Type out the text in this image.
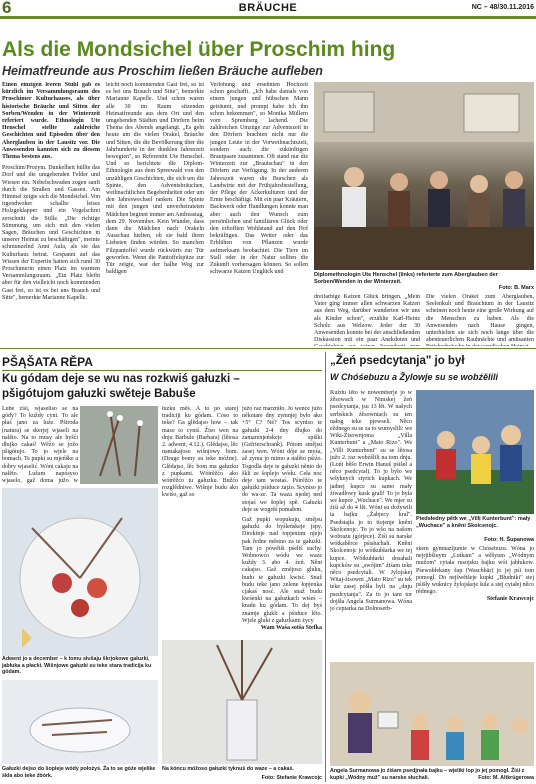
6	BRÄUCHE	NC – 48/30.11.2016
Als die Mondsichel über Proschim hing
Heimatfreunde aus Proschim ließen Bräuche aufleben

Einen einzigen leeren Stuhl gab es kürzlich im Versammlungsraum des Proschimer Kulturhauses, als über historische Bräuche und Sitten der Sorben/Wenden in der Winterzeit referiert wurde. Ethnologin Ute Henschel stellte zahlreiche Geschichten und Episoden über den Aberglauben in der Lausitz vor. Die Anwesenden kannten sich zu diesem Thema bestens aus.

Proschim/Prozym. Dunkelheit hüllte das Dorf und die umgebenden Felder und Wiesen ein. Nebelschwaden zogen sanft durch die Straßen und Gassen. Am Himmel zeigte sich die Mondsichel. Von irgendwoher schallte leises Holzgeklapper und ein Vogelschrei zerschnitt die Stille. „Die richtige Stimmung, um sich mit den vielen Sagen, Bräuchen und Geschichten in unserer Heimat zu beschäftigen", meinte schmunzelnd Anni Aula, als sie das Kulturhaus betrat. Gespannt auf das Wissen der Expertin hatten sich rund 30 Proschimerin einen Platz im warmen Versammlungsraum. „Ein Platz bleibt aber für den vielleicht noch kommenden Gast frei, so ist es bei uns Brauch und Sitte", bemerkte Marianne Kapelle.

leicht noch kommenden Gast frei, so ist es bei uns Brauch und Sitte", bemerkte Marianne Kapelle. Und schon waren alle 30 im Raum sitzenden Heimatfreunde aus dem Ort und den umgebenden Städten und Dörfern beim Thema des Abends angelangt. „Es geht heute um die vielen Orakel, Bräuche und Sitten, die die Bevölkerung über die Jahrhunderte in der dunklen Jahreszeit bewegten", so Referentin Ute Henschel. Und so berichtete die Diplom-Ethnologin aus dem Spreewald von den unzähligen Geschichten, die sich um die Spinte, den Adventsbräuchen, weihnachtlichen Begebenheiten oder um den Jahreswechsel ranken. Die Spinte mit den jungen und unverheirateten Mädchen beginnt immer am Andreastag, dem 29. November. Kein Wunder, dass dann die Mädchen nach Orakeln Ausschau hielten, ob sie bald ihren Liebsten finden würden. So manchen Filzpantoffel wurde rückwärts zur Tür geworfen. Wenn die Pantoffelspitze zur Tür zeigte, war der halbe Weg zur baldigen
Verlobung und ersehnten Hochzeit schon geschafft. „Ich habe damals von einem jungen und hübschen Mann geträumt, und prompt habe ich ihn schon bekommen", so Monika Müllern vom Spremberg lachend. Die zahlreichen Umzüge zur Adventszeit in den Dörfern brachten nicht nur die jungen Leute in der Vorweihnachtszeit, sondern auch die zukünftigen Brautpaare zusammen. Oft stand nur die Winterzeit zur „Brautschau" in den Dörfern zur Verfügung. In der anderen Jahreszeit waren die Burschen als Landwirte mit der Frühjahrsbestellung, der Pflege der Ackerkulturen und der Ernte beschäftigt. Mit ein paar Kräutern, Backwerk oder Handlungen konnte man aber auch den Wunsch zum persönlichen und familiären Glück oder den erhofften Wohlstand auf den Hof bekräftigen. Das Wetter oder das Erblühen von Pflanzen wurde aufmerksam beobachtet. Die Tiere im Stall oder in der Natur sollten die Zukunft vorhersagen können. So sollen schwarze Katzen Unglück und	Diplomethnologin Ute Henschel (links) referierte zum Aberglauben der Sorben/Wenden in der Winterzeit.
Foto: B. Marx
dreifarbige Katzen Glück bringen. „Mein Vater ging immer allen schwarzen Katzen aus dem Weg, darüber wunderten wir uns als Kinder schon", erzählte Karl-Heinz Scholz aus Welzow. Jeder der 30 Anwesenden konnte bei der anschließenden Diskussion mit ein paar Anekdoten und
Die vielen Orakel zum Aberglauben, Seelenkult und Brauchtum in der Lausitz scheinen noch heute eine große Wirkung auf die Menschen zu haben. Als die Anwesenden nach Hause gingen, unterhielten sie sich noch lange über die abenteuerlichen Rauhnächte und amüsanten
PŠĄŠATA RĚPA
Ku gódam deje se wu nas rozkwiś gałuzki –
pšigótujom gałuzki swěteje Babuše
Lube źiśi, wjaseliso se na gódy? To kuždy cyni. To ale płaś jano za luźe. Pširoda (natura) se skerjej wjaseli na nalěto. Na to musy ale hyšći dłujko cakaś! Wěźo se jožo pšigótujo. To jo wjele na bomach. Te pupki su mjeńške a dobry wjaselić. Wóni cakaju na nalěto. Lužam napósyso wjaselo, gaž doma južo w
łuzku měś. A to pó starej tradiciji ku gódam. Coso to teke? Ga glědajso how – tak maso to cyniś. Źiso wen na dnju Barbule (Barbara) (lětosa 2. adwent, 4.12.). Glědajso, lěc namakajoso wišnjowy bom. (Druge bomy su teke móžne). Glědajso, lěc bom ma gałuzku z pupkami. Wótrěžćo ako wótrěžćo tu gałuzku. Bužćo rozglědniwe. Wišnje budu ako kwiśo, gaž so
južo raz marzniło. Jo wence južo někotare dny zymnjej było ako +5° C? Né? Tos scyniso te gałuzki 2-4 dny dlujko do zamarznjeńskeje spiški (Gefrierschrank). Pótom smějsu zasej wen. Wóni dóje se myśa, až zymu jo mimo a nalěto pśiźo. Togodla deje te gałuzki něnto do škli ze šoplejo wódu. Ceła noc deje tam wostaś. Pśiréžćo te gałuzki pśiduce zajźo. Scyniso jo do wa-ze. Ta waza njedej ned stojaś we šoplej spě. Gałuzki deje se wogrěś pomałem.
Gaž pupki wopukuju, smějsu gałuzki do byśleńskeje jspy. Direktnje nad topjeniim njejo pak ředne městno za te gałuzki. Tam jo pówětši pśeliš suchy. Wobnowćo wódu we waze kuždy 3. abo 4. źeń. Něnt cakajso. Gaž změjoso gluku, budu te gałuzki kwisć. Snaž budu teke jano zelene łopjenka cjakaś nosć. Ale snaž budu kwśenki na gałuzkach wiśeś – kradu ku gódam. To dej byś znamje glukli a pśiduce lěto. Wjele gluki z gałuzkami życy
Wam Waša sotša Stefka
Adwent jo a december – k tomu słušaju škrjokowe gałuzki, jabłuka a płacki. Wišnjowe gałuzki su teke stara tradicija ku gódam.
Gałuzki dejso do šopleje wódy położyś. Źa to se góźe wjelike śkla abo teke źbórk.
Na kóncu móžoso gałuzki tyknuś do waze – a cakaś.
Foto: Stefanie Krawcojc
„Žeń psedcytanja" jo był
W Chóśebuzu a Žylowje su se wobźělili
Kuždu lěto w nowemberje jo w źěsowach w Nimskej žeń psedcytanja, jsu 13 lět. W našych serbskich źěsowniach su ten nałog teke pjewseli. Něco eždnego su se za to wumyslili: we Wiki-Źisownjoma „Villa Kunterbunt" a „Mato Rizo". We „Villi Kunterbunt" su se lětosa južo 2. raz wobźělili na tom dnju. (Lońi běšo Erwin Hanuš pśišeł a něco psedcytał). To jo było we wšyknych styrich kupkach. We jadnej kupce su samo mały źiwadłowy kusk grali! To jo była we kupce „Wuchace". We mjer su źiśi až do 4 lět. Wóni su dožywili ta bajku „Žabjecy kral". Psedstajła jo to tiojenje kněni Skolcenojc. To jo wšo na našom wobrazu (górjece). Źiśi su narske wótkaběrce pśisłuchali. Kněni Skolcenojc jo wótkubłarka we tej kupce. Wótkubłarki dosahali kupcków su „swójim" źiśam teke něco psedcytali. W Jylojskej Witaj-źisowni „Mato Rizo" su tek teke zasej póšła byli na „dnju psedcytanja". Za to jo tam tor dojšła Angela Surmanowa. Wóna jo ceptarka na Dolnoserb-
Piedsłedny pětk we „Villi Kunterbunt": mały „Wuchace" a kněni Skolcenojc.
Foto: H. Šupanowa
skem gymnazijumie w Chóśebuzu. Wóna jo nejrjibšiuym „Lutkam" a wěšyum „Wódnym mužom" cytała rusojsku bajku wót jabłukow. Pśewobłekany šup (Waschbär) jo jej pśi tom pomogł. Do nejšwětšeje kupki „Błudniki" stej pśišły wuknicy žylojskeje šule a stej cytałej něco rědnego.
Stefanie Krawcojc
Angela Surmanowa jo źiśam psedjnała bajku – wjeliki lop jo jej pomogł. Źiśi z kupki „Wódny muž" su narske słuchali.	Foto: M. Altkrügerowa
